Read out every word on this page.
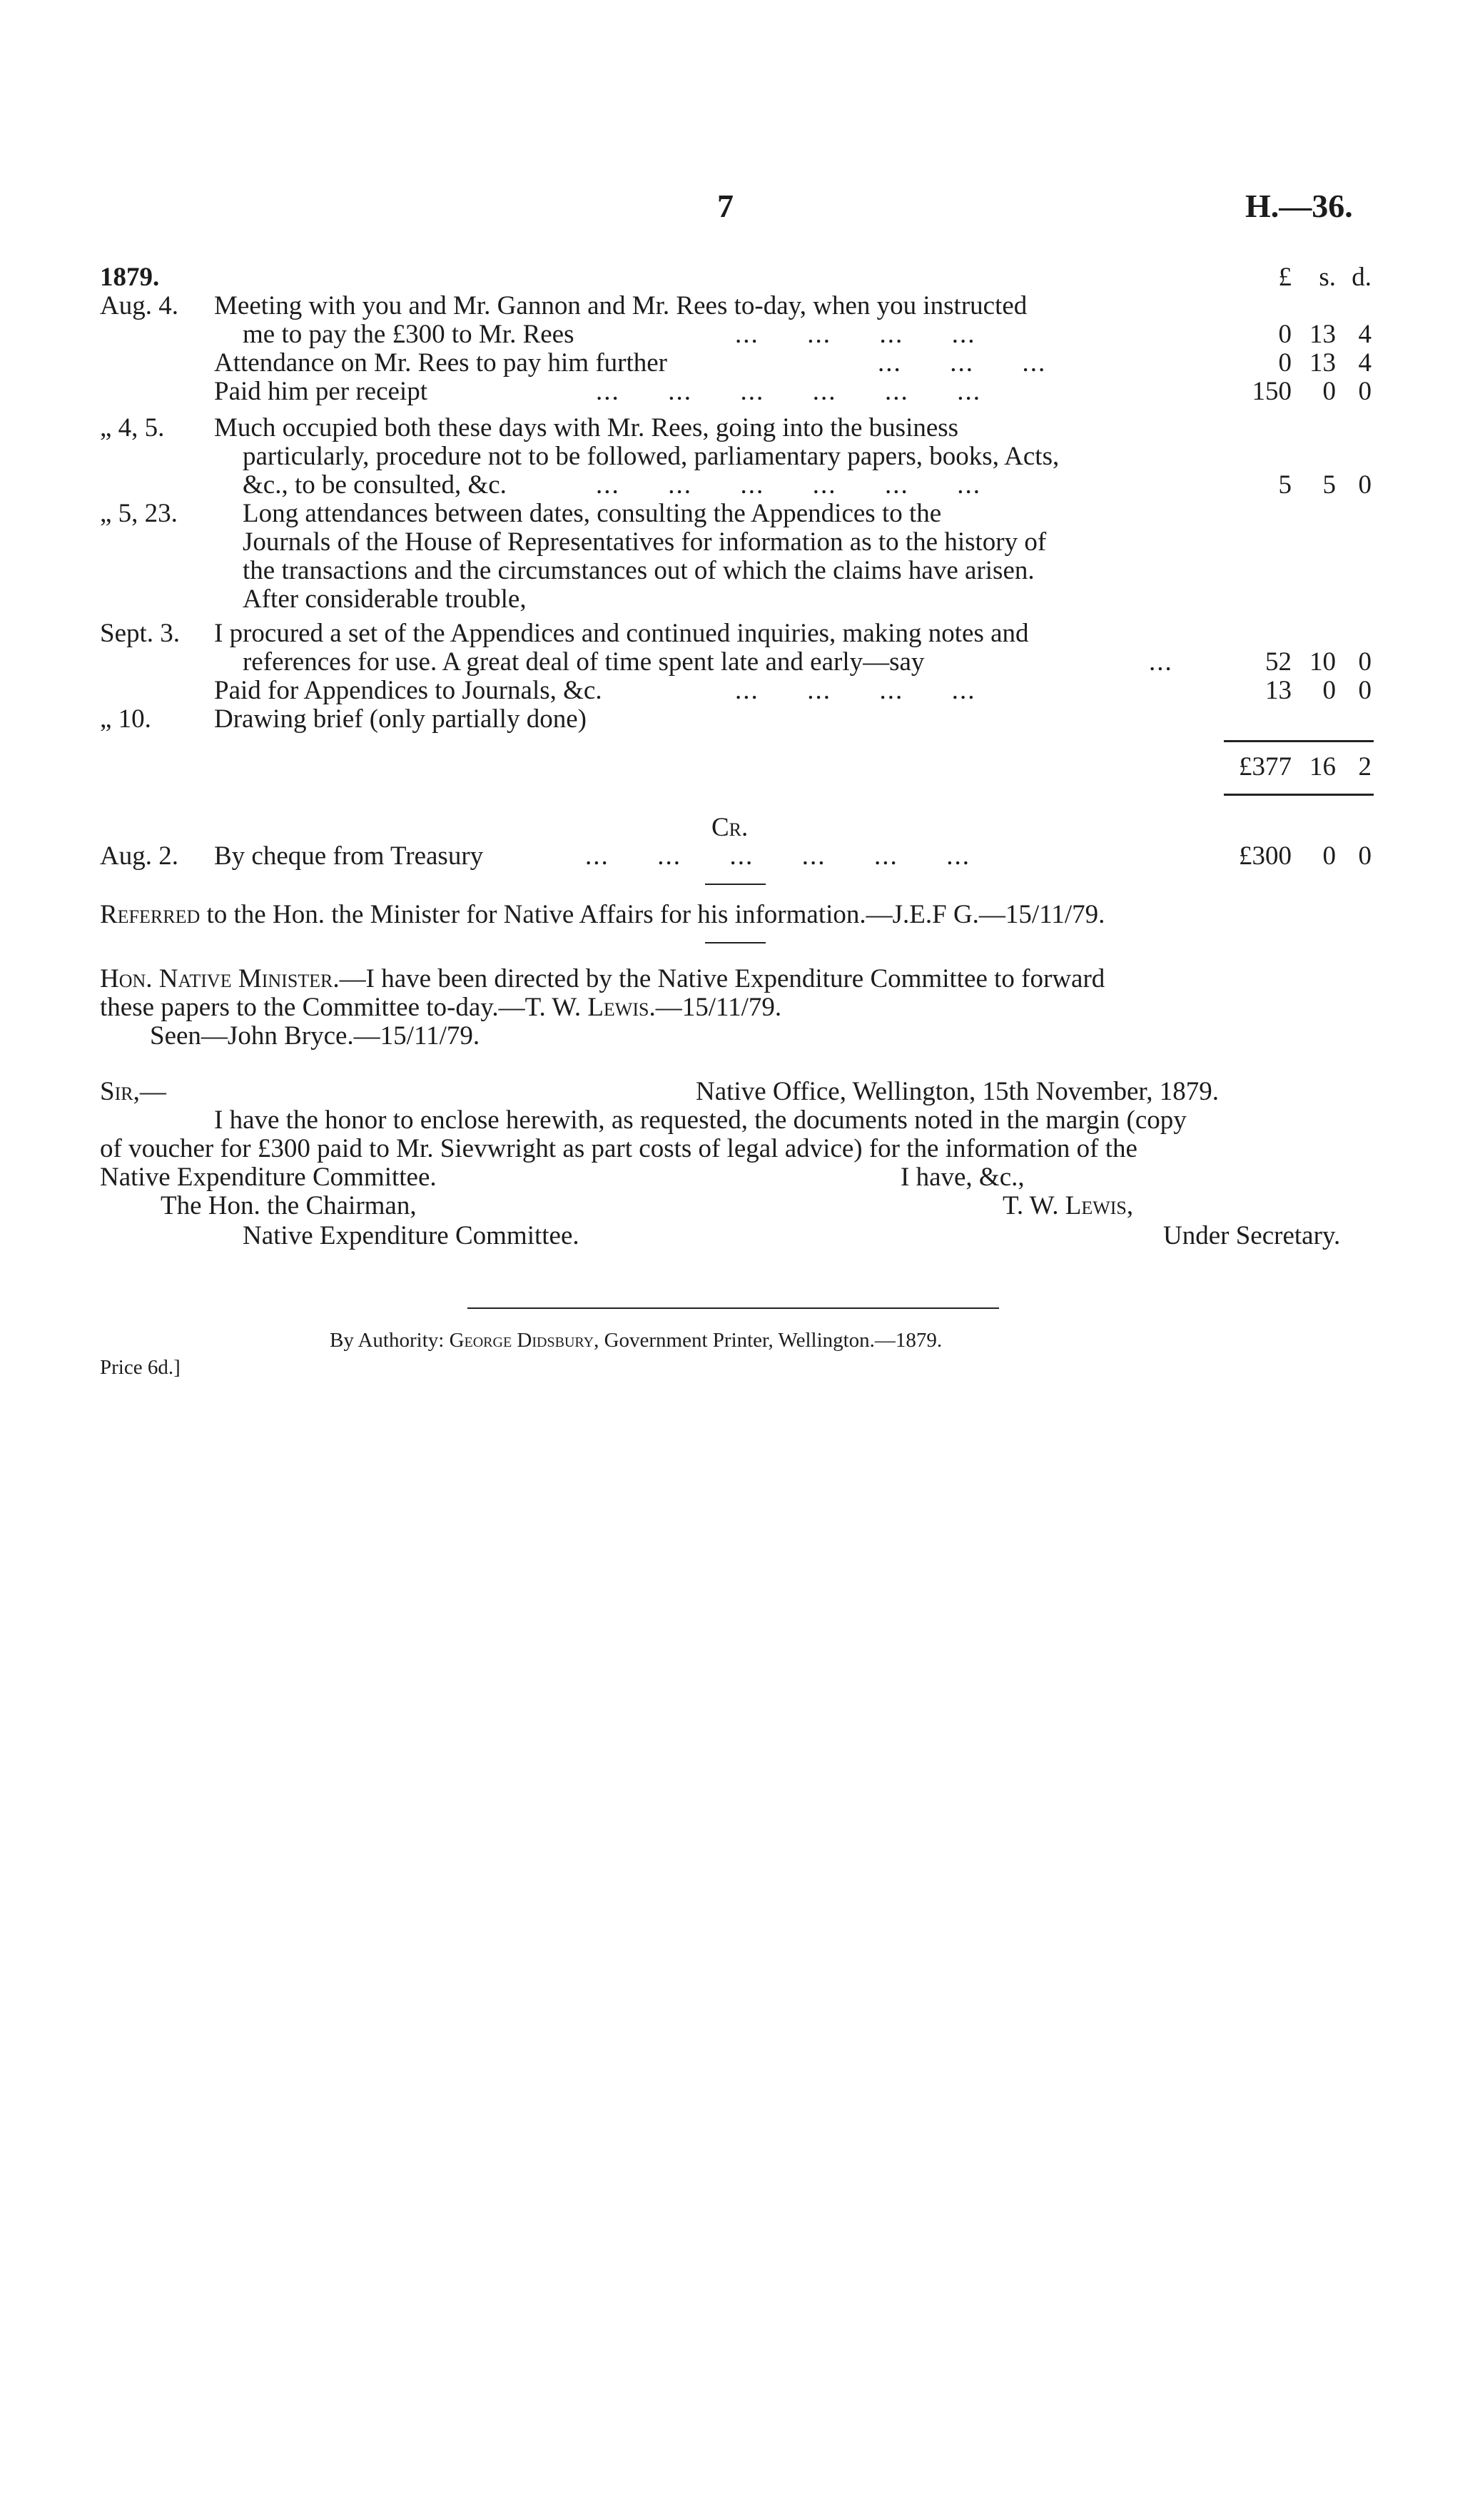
7	H.—36.
1879.	£	s. d.
Aug. 4. Meeting with you and Mr. Gannon and Mr. Rees to-day, when you instructed
me to pay the £300 to Mr. Rees	... ... ... ...	0 13 4
Attendance on Mr. Rees to pay him further	... ... ...	0 13 4
Paid him per receipt	... ... ... ... ... ...	150	0 0
„ 4, 5. Much occupied both these days with Mr. Rees, going into the business
particularly, procedure not to be followed, parliamentary papers, books, Acts,
&c., to be consulted, &c.	... ... ... ... ... ...	5	5 0
„ 5, 23. Long attendances between dates, consulting the Appendices to the
Journals of the House of Representatives for information as to the history of
the transactions and the circumstances out of which the claims have arisen.
After considerable trouble,
Sept. 3. I procured a set of the Appendices and continued inquiries, making notes and
references for use. A great deal of time spent late and early—say	...	52 10 0
Paid for Appendices to Journals, &c.	... ... ... ...	13	0 0
„ 10. Drawing brief (only partially done)
£377 16 2
Cr.
Aug. 2. By cheque from Treasury	... ... ... ... ... ...	£300	0 0
Referred to the Hon. the Minister for Native Affairs for his information.—J.E.F G.—15/11/79.
Hon. Native Minister.—I have been directed by the Native Expenditure Committee to forward
these papers to the Committee to-day.—T. W. Lewis.—15/11/79.
Seen—John Bryce.—15/11/79.
Sir,—	Native Office, Wellington, 15th November, 1879.
I have the honor to enclose herewith, as requested, the documents noted in the margin (copy
of voucher for £300 paid to Mr. Sievwright as part costs of legal advice) for the information of the
Native Expenditure Committee.	I have, &c.,
The Hon. the Chairman,	T. W. Lewis,
Native Expenditure Committee.	Under Secretary.
By Authority: George Didsbury, Government Printer, Wellington.—1879.
Price 6d.]
